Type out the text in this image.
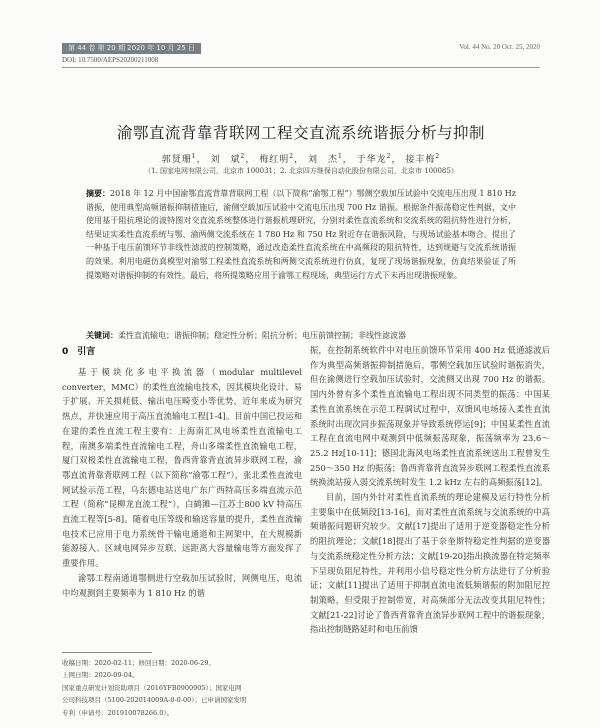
第 44 卷 第 20 期 2020 年 10 月 25 日	Vol. 44 No. 20 Oct. 25, 2020
DOI: 10.7500/AEPS20200211008
渝鄂直流背靠背联网工程交直流系统谐振分析与抑制
郭贤珊$^1$， 刘　斌$^2$， 梅红明$^2$， 刘　杰$^1$， 于华龙$^2$， 接丰梅$^2$
（1. 国家电网有限公司，北京市 100031；2. 北京四方继保自动化股份有限公司，北京市 100085）
摘要：2018 年 12 月中国渝鄂直流背靠背联网工程（以下简称“渝鄂工程”）鄂侧空载加压试验中交流电压出现 1 810 Hz 谐振，使用典型高频谐振抑制措施后，渝侧空载加压试验中交流电压出现 700 Hz 谐振。根据条件振荡稳定性判据，文中使用基于阻抗理论的波特图对交直流系统整体进行谐振机理研究，分别对柔性直流系统和交流系统的阻抗特性进行分析，结果证实柔性直流系统与鄂、渝两侧交流系统在 1 780 Hz 和 750 Hz 附近存在谐振风险，与现场试验基本吻合。提出了一种基于电压前馈环节非线性滤波的控制策略，通过改造柔性直流系统在中高频段的阻抗特性，达到规避与交流系统谐振的效果。利用电磁仿真模型对渝鄂工程柔性直流系统和两侧交流系统进行仿真，复现了现场谐振现象，仿真结果验证了所提策略对谐振抑制的有效性。最后，将所提策略应用于渝鄂工程现场，典型运行方式下未再出现谐振现象。
关键词：柔性直流输电；谐振抑制；稳定性分析；阻抗分析；电压前馈控制；非线性滤波器
0　引言

基于模块化多电平换流器（modular multilevel converter，MMC）的柔性直流输电技术，因其模块化设计、易于扩展、开关损耗低、输出电压畸变小等优势，近年来成为研究热点，并快速应用于高压直流输电工程[1-4]。目前中国已投运和在建的柔性直流工程主要有：上海南汇风电场柔性直流输电工程，南澳多端柔性直流输电工程，舟山多端柔性直流输电工程，厦门双极柔性直流输电工程，鲁西背靠背直流异步联网工程，渝鄂直流背靠背联网工程（以下简称“渝鄂工程”），张北柔性直流电网试验示范工程，乌东德电站送电广东广西特高压多端直流示范工程（简称“昆柳龙直流工程”），白鹤滩—江苏土800 kV 特高压直流工程等[5-8]。随着电压等级和输送容量的提升，柔性直流输电技术已应用于电力系统骨干输电通道和主网架中，在大规模新能源接入、区域电网异步互联、远距离大容量输电等方面发挥了重要作用。

渝鄂工程南通道鄂侧进行空载加压试验时，网侧电压、电流中均观测到主要频率为 1 810 Hz 的谐

振，在控制系统软件中对电压前馈环节采用 400 Hz 低通滤波后作为典型高频谐振抑制措施后，鄂侧空载加压试验时谐振消失，但在渝侧进行空载加压试验时，交流侧又出现 700 Hz 的谐振。国内外曾有多个柔性直流输电工程出现不同类型的振荡：中国某柔性直流系统在示范工程调试过程中，双馈风电场接入柔性直流系统时出现次同步振荡现象并导致系统停运[9]；中国某柔性直流工程在直流电网中观测到中低频振荡现象，振荡频率为 23.6～25.2 Hz[10-11]；德国北海风电场柔性直流系统送出工程曾发生 250～350 Hz 的振荡；鲁西背靠背直流异步联网工程柔性直流系统换流站接入弱交流系统时发生 1.2 kHz 左右的高频振荡[12]。

目前，国内外针对柔性直流系统的理论建模及运行特性分析主要集中在低频段[13-16]，而对柔性直流系统与交流系统的中高频谐振问题研究较少。文献[17]提出了适用于逆变器稳定性分析的阻抗理论；文献[18]提出了基于奈奎斯特稳定性判据的逆变器与交流系统稳定性分析方法；文献[19-20]指出换流器在特定频率下呈现负阻尼特性，并利用小信号稳定性分析方法进行了分析验证；文献[11]提出了适用于抑制直流电流低频谐振的附加阻尼控制策略，但受限于控制带宽，对高频部分无法改变其阻尼特性；文献[21-22]讨论了鲁西背靠背直流异步联网工程中的谐振现象，指出控制链路延时和电压前馈

收稿日期：2020-02-11；修回日期：2020-06-29。
上网日期：2020-09-04。
国家重点研发计划资助项目（2016YFB0900905）；国家电网
公司科技项目（5100-202014009A-0-0-00）；已申请国家发明
专利（申请号：201910078266.0）。
